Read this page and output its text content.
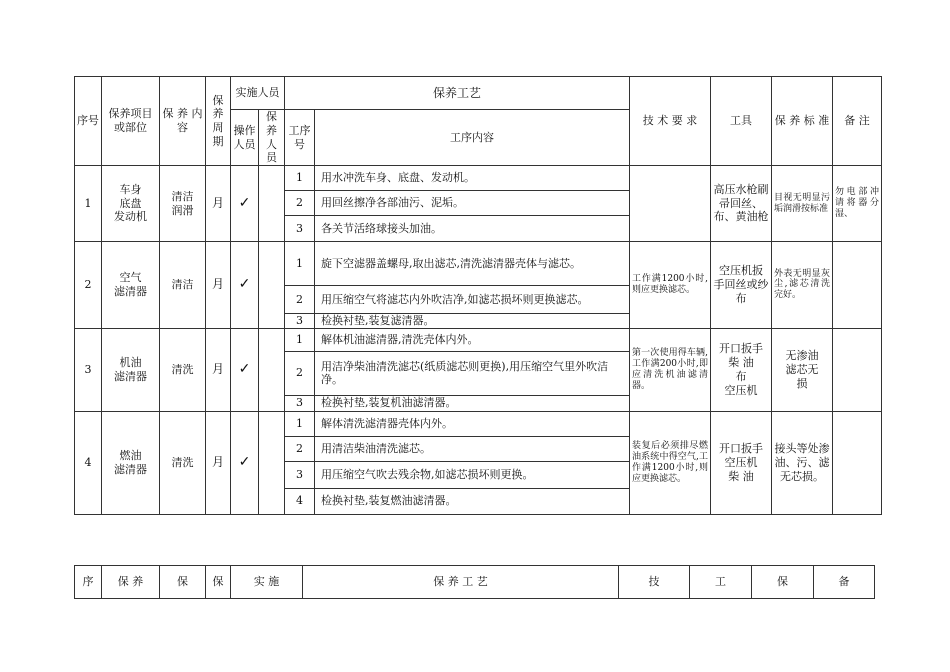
序号	保养项目或部位	保 养 内 容	保养周期	实施人员		保养工艺		技 术 要 求	工具	保 养 标 准	备 注
				操作人员	保养人员	工序号	工序内容				
1	车身
底盘
发动机	清洁
润滑	月	✓		1	用水冲洗车身、底盘、发动机。		高压水枪刷 帚回丝、布、黄油枪	目视无明显污垢润滑按标准	勿电部冲 请将器分湿、
						2	用回丝擦净各部油污、泥垢。				
						3	各关节活络球接头加油。				
2	空气
滤清器	清洁	月	✓		1	旋下空滤器盖螺母,取出滤芯,清洗滤清器壳体与滤芯。	工作满1200小时,则应更换滤芯。	空压机扳 手回丝或纱 布	外表无明显灰尘,滤芯清洗完好。	
						2	用压缩空气将滤芯内外吹洁净,如滤芯损坏则更换滤芯。				
						3	检换衬垫,装复滤清器。				
3	机油
滤清器	清洗	月	✓		1	解体机油滤清器,清洗壳体内外。	第一次使用得车辆,工作满200小时,即应清洗机油滤清器。	开口扳手
柴 油
布
空压机	无渗油
滤芯无
损	
						2	用洁净柴油清洗滤芯(纸质滤芯则更换),用压缩空气里外吹洁净。				
						3	检换衬垫,装复机油滤清器。				
4	燃油
滤清器	清洗	月	✓		1	解体清洗滤清器壳体内外。	装复后必须排尽燃油系统中得空气,工作满1200小时,则应更换滤芯。	开口扳手
空压机
柴 油	接头等处渗油、污、滤无芯损。	
						2	用清洁柴油清洗滤芯。				
						3	用压缩空气吹去残余物,如滤芯损坏则更换。				
						4	检换衬垫,装复燃油滤清器。				
序	保 养	保	保	实 施	保 养 工 艺	技	工	保	备
